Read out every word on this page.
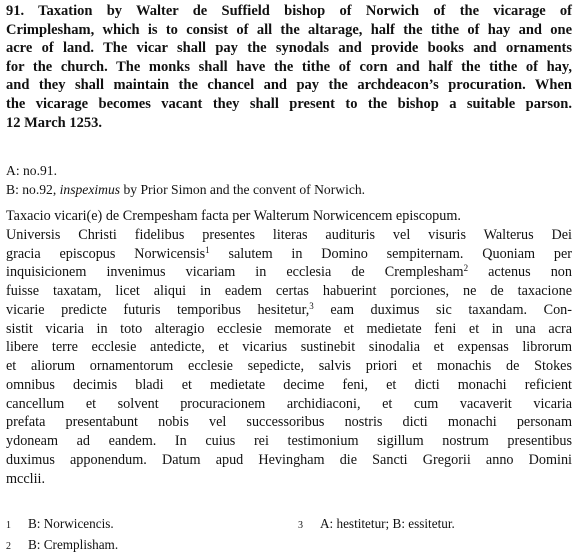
91. Taxation by Walter de Suffield bishop of Norwich of the vicarage of
Crimplesham, which is to consist of all the altarage, half the tithe of hay and one
acre of land. The vicar shall pay the synodals and provide books and ornaments
for the church. The monks shall have the tithe of corn and half the tithe of hay,
and they shall maintain the chancel and pay the archdeacon’s procuration. When
the vicarage becomes vacant they shall present to the bishop a suitable parson.
12 March 1253.
A: no.91.
B: no.92, inspeximus by Prior Simon and the convent of Norwich.
Taxacio vicari(e) de Crempesham facta per Walterum Norwicencem episcopum.
Universis Christi fidelibus presentes literas audituris vel visuris Walterus Dei
gracia episcopus Norwicensis$^1$ salutem in Domino sempiternam. Quoniam per
inquisicionem invenimus vicariam in ecclesia de Cremplesham$^2$ actenus non
fuisse taxatam, licet aliqui in eadem certas habuerint porciones, ne de taxacione
vicarie predicte futuris temporibus hesitetur,$^3$ eam duximus sic taxandam. Con-
sistit vicaria in toto alteragio ecclesie memorate et medietate feni et in una acra
libere terre ecclesie antedicte, et vicarius sustinebit sinodalia et expensas librorum
et aliorum ornamentorum ecclesie sepedicte, salvis priori et monachis de Stokes
omnibus decimis bladi et medietate decime feni, et dicti monachi reficient
cancellum et solvent procuracionem archidiaconi, et cum vacaverit vicaria
prefata presentabunt nobis vel successoribus nostris dicti monachi personam
ydoneam ad eandem. In cuius rei testimonium sigillum nostrum presentibus
duximus apponendum. Datum apud Hevingham die Sancti Gregorii anno Domini
mcclii.
1 B: Norwicencis.
2 B: Cremplisham.
3 A: hestitetur; B: essitetur.
